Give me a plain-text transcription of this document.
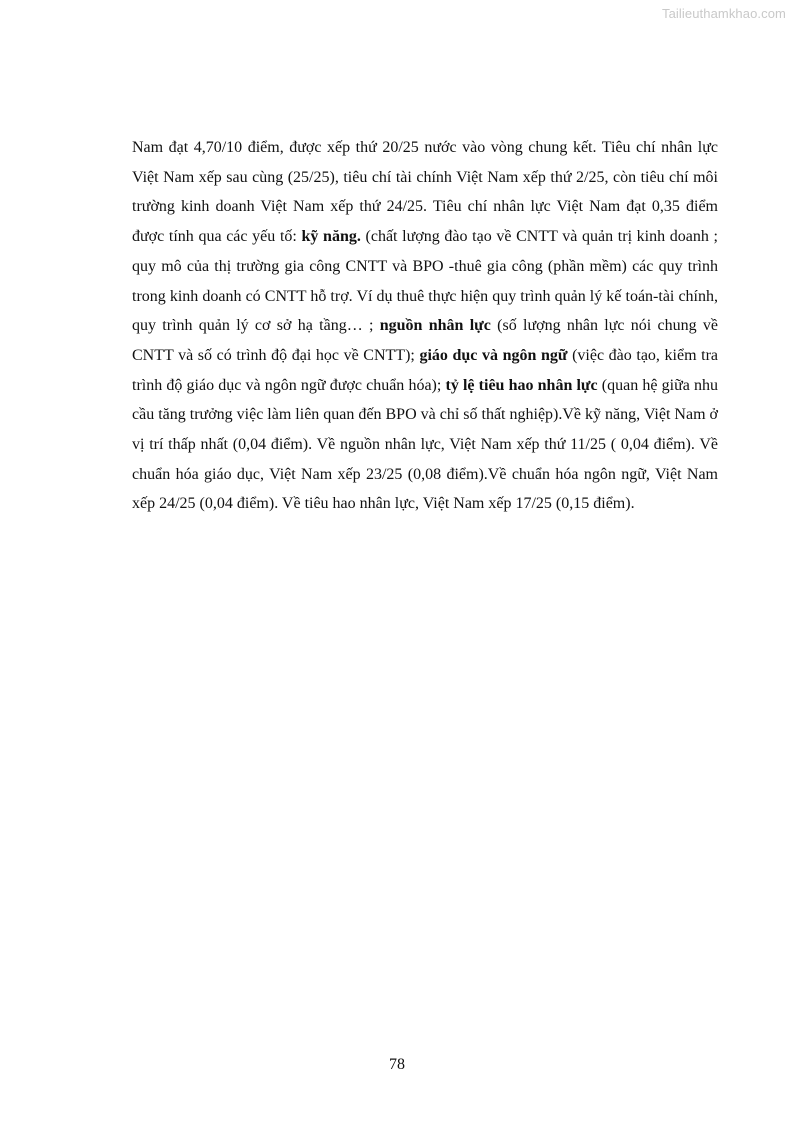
Tailieuthamkhao.com

Nam đạt 4,70/10 điểm, được xếp thứ 20/25 nước vào vòng chung kết. Tiêu chí nhân lực Việt Nam xếp sau cùng (25/25), tiêu chí tài chính Việt Nam xếp thứ 2/25, còn tiêu chí môi trường kinh doanh Việt Nam xếp thứ 24/25. Tiêu chí nhân lực Việt Nam đạt 0,35 điểm được tính qua các yếu tố: kỹ năng. (chất lượng đào tạo về CNTT và quản trị kinh doanh ; quy mô của thị trường gia công CNTT và BPO -thuê gia công (phần mềm) các quy trình trong kinh doanh có CNTT hỗ trợ. Ví dụ thuê thực hiện quy trình quản lý kế toán-tài chính, quy trình quản lý cơ sở hạ tầng… ; nguồn nhân lực (số lượng nhân lực nói chung về CNTT và số có trình độ đại học về CNTT); giáo dục và ngôn ngữ (việc đào tạo, kiểm tra trình độ giáo dục và ngôn ngữ được chuẩn hóa); tỷ lệ tiêu hao nhân lực (quan hệ giữa nhu cầu tăng trưởng việc làm liên quan đến BPO và chỉ số thất nghiệp).Về kỹ năng, Việt Nam ở vị trí thấp nhất (0,04 điểm). Về nguồn nhân lực, Việt Nam xếp thứ 11/25 ( 0,04 điểm). Về chuẩn hóa giáo dục, Việt Nam xếp 23/25 (0,08 điểm).Về chuẩn hóa ngôn ngữ, Việt Nam xếp 24/25 (0,04 điểm). Về tiêu hao nhân lực, Việt Nam xếp 17/25 (0,15 điểm).

78
